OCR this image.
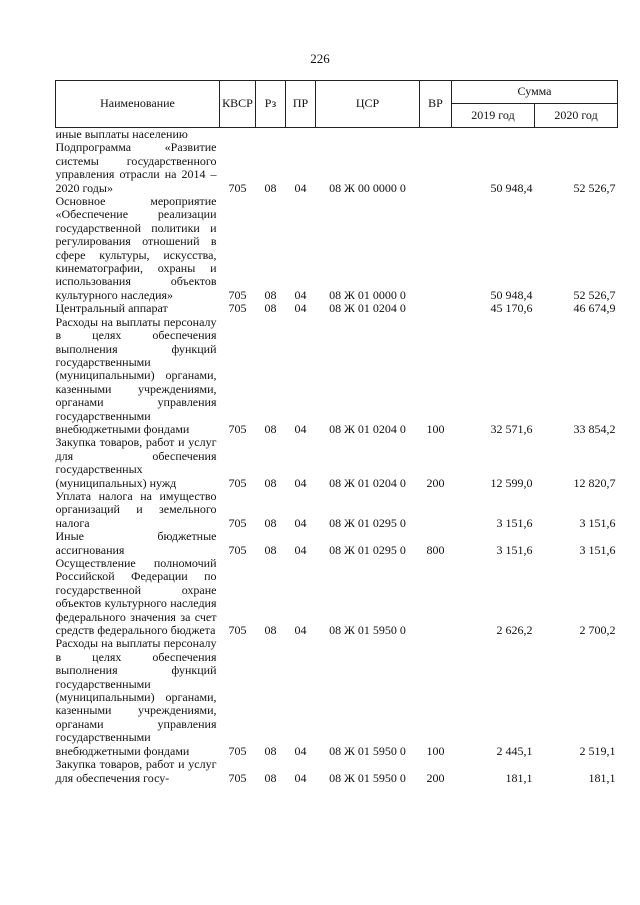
226
Наименование	КВСР	Рз	ПР	ЦСР	ВР	Сумма	
						2019 год	2020 год
иные выплаты населению							
Подпрограмма «Развитие системы государственного управления отрасли на 2014 – 2020 годы»	705	08	04	08 Ж 00 0000 0		50 948,4	52 526,7
Основное мероприятие «Обеспечение реализации государственной политики и регулирования отношений в сфере культуры, искусства, кинематографии, охраны и использования объектов культурного наследия»	705	08	04	08 Ж 01 0000 0		50 948,4	52 526,7
Центральный аппарат	705	08	04	08 Ж 01 0204 0		45 170,6	46 674,9
Расходы на выплаты персоналу в целях обеспечения выполнения функций государственными (муниципальными) органами, казенными учреждениями, органами управления государственными внебюджетными фондами	705	08	04	08 Ж 01 0204 0	100	32 571,6	33 854,2
Закупка товаров, работ и услуг для обеспечения государственных (муниципальных) нужд	705	08	04	08 Ж 01 0204 0	200	12 599,0	12 820,7
Уплата налога на имущество организаций и земельного налога	705	08	04	08 Ж 01 0295 0		3 151,6	3 151,6
Иные бюджетные ассигнования	705	08	04	08 Ж 01 0295 0	800	3 151,6	3 151,6
Осуществление полномочий Российской Федерации по государственной охране объектов культурного наследия федерального значения за счет средств федерального бюджета	705	08	04	08 Ж 01 5950 0		2 626,2	2 700,2
Расходы на выплаты персоналу в целях обеспечения выполнения функций государственными (муниципальными) органами, казенными учреждениями, органами управления государственными внебюджетными фондами	705	08	04	08 Ж 01 5950 0	100	2 445,1	2 519,1
Закупка товаров, работ и услуг для обеспечения госу-	705	08	04	08 Ж 01 5950 0	200	181,1	181,1
